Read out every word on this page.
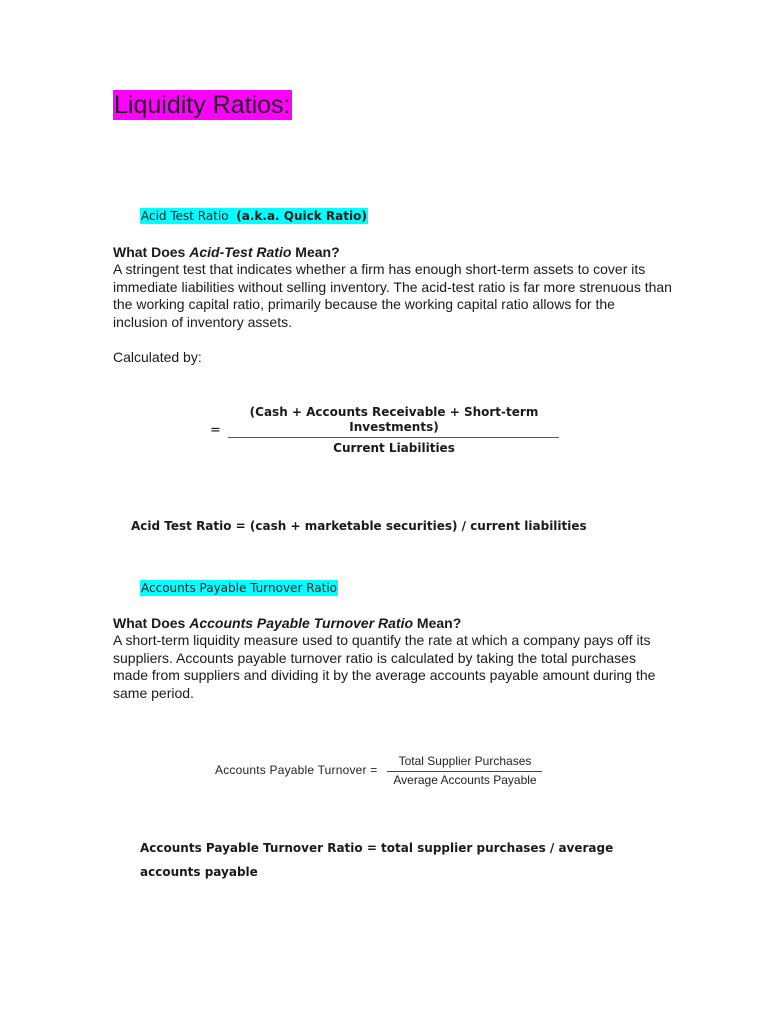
Liquidity Ratios:
Acid Test Ratio (a.k.a. Quick Ratio)
What Does Acid-Test Ratio Mean?
A stringent test that indicates whether a firm has enough short-term assets to cover its immediate liabilities without selling inventory. The acid-test ratio is far more strenuous than the working capital ratio, primarily because the working capital ratio allows for the inclusion of inventory assets.
Calculated by:
=
(Cash + Accounts Receivable + Short-term Investments)
Current Liabilities
Acid Test Ratio = (cash + marketable securities) / current liabilities
Accounts Payable Turnover Ratio
What Does Accounts Payable Turnover Ratio Mean?
A short-term liquidity measure used to quantify the rate at which a company pays off its suppliers. Accounts payable turnover ratio is calculated by taking the total purchases made from suppliers and dividing it by the average accounts payable amount during the same period.
Accounts Payable Turnover =
Total Supplier Purchases
Average Accounts Payable
Accounts Payable Turnover Ratio = total supplier purchases / average accounts payable
